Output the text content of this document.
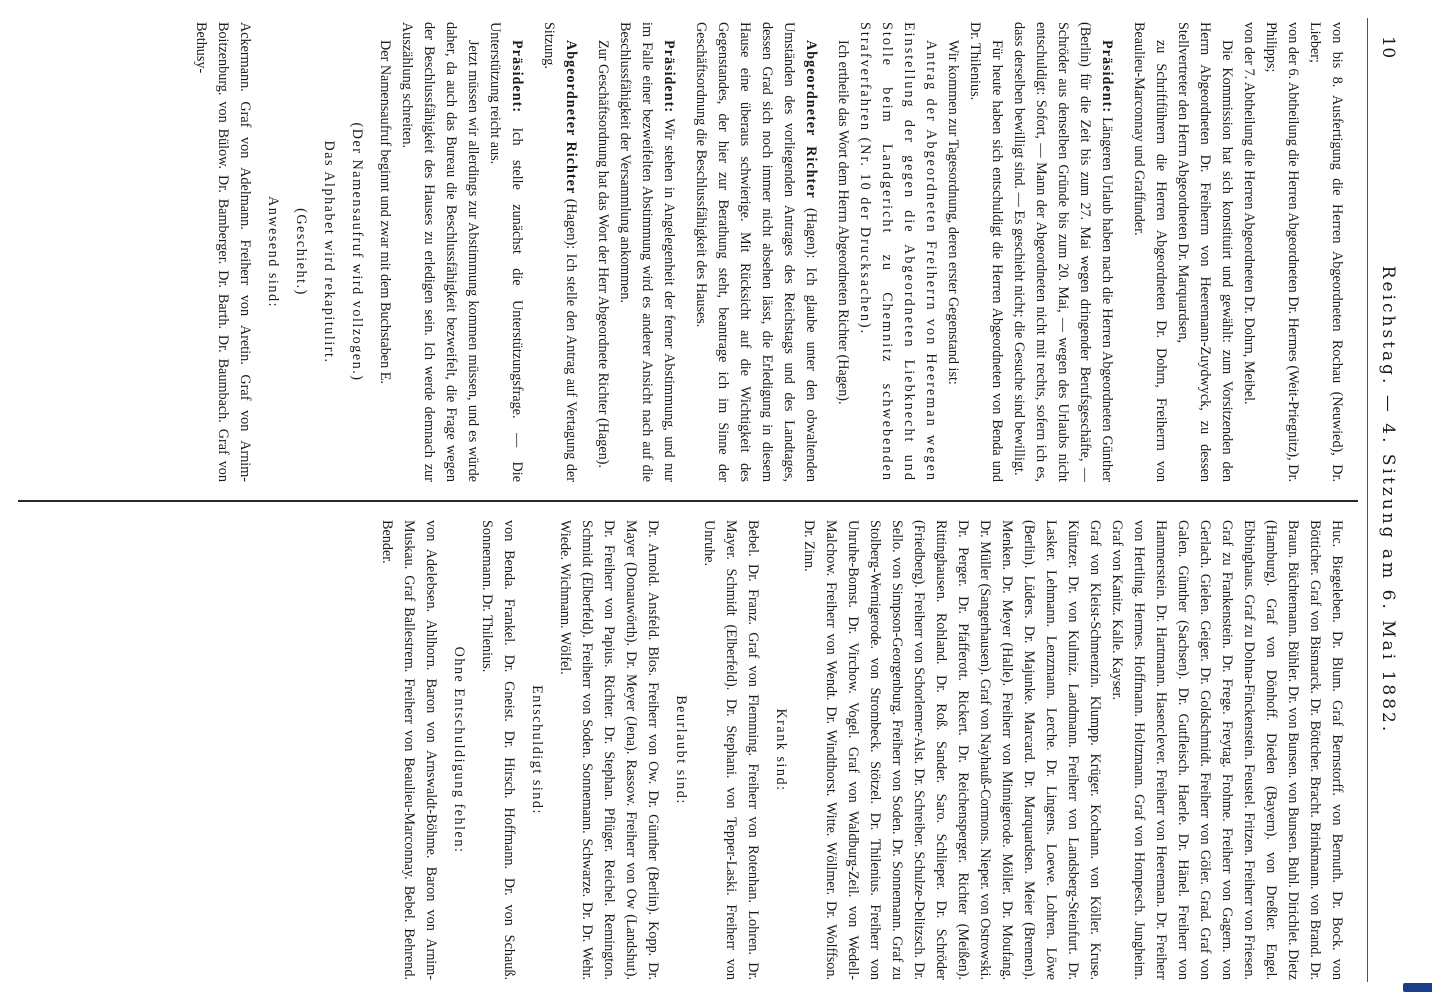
10
Reichstag. — 4. Sitzung am 6. Mai 1882.

von bis 8. Ausfertigung die Herren Abgeordneten Rochau (Neuwied), Dr. Lieber;

von der 6. Abtheilung die Herren Abgeordneten Dr. Hermes (Weit-Priegnitz), Dr. Philipps;

von der 7. Abtheilung die Herren Abgeordneten Dr. Dohrn, Meibel.

Die Kommission hat sich konstituirt und gewählt: zum Vorsitzenden den Herrn Abgeordneten Dr. Freiherrn von Heeremann-Zuydwyck, zu dessen Stellvertreter den Herrn Abgeordneten Dr. Marquardsen,

zu Schriftführern die Herren Abgeordneten Dr. Dohrn, Freiherrn von Beaulieu-Marconnay und Graffunder.

Präsident: Längeren Urlaub haben nach die Herren Abgeordneten Günther (Berlin) für die Zeit bis zum 27. Mai wegen dringender Berufsgeschäfte, — Schröder aus denselben Gründe bis zum 20. Mai, — wegen des Urlaubs nicht entschuldigt: Sofort, — Mann der Abgeordneten nicht mit rechts, sofern ich es, dass derselben bewilligt sind. — Es geschieht nicht; die Gesuche sind bewilligt.

Für heute haben sich entschuldigt die Herren Abgeordneten von Benda und Dr. Thilenius.

Wir kommen zur Tagesordnung, deren erster Gegenstand ist:

Antrag der Abgeordneten Freiherrn von Heereman wegen Einstellung der gegen die Abgeordneten Liebknecht und Stolle beim Landgericht zu Chemnitz schwebenden Strafverfahren (Nr. 10 der Drucksachen).

Ich ertheile das Wort dem Herrn Abgeordneten Richter (Hagen).

Abgeordneter Richter (Hagen): Ich glaube unter den obwaltenden Umständen des vorliegenden Antrages des Reichstags und des Landtages, dessen Grad sich noch immer nicht absehen lässt, die Erledigung in diesem Hause eine überaus schwierige. Mit Rücksicht auf die Wichtigkeit des Gegenstandes, der hier zur Berathung steht, beantrage ich im Sinne der Geschäftsordnung die Beschlussfähigkeit des Hauses.

Präsident: Wir stehen in Angelegenheit der ferner Abstimmung, und nur im Falle einer bezweifelten Abstimmung wird es anderer Ansicht nach auf die Beschlussfähigkeit der Versammlung ankommen.

Zur Geschäftsordnung hat das Wort der Herr Abgeordnete Richter (Hagen).

Abgeordneter Richter (Hagen): Ich stelle den Antrag auf Vertagung der Sitzung.

Präsident: Ich stelle zunächst die Unterstützungsfrage. — Die Unterstützung reicht aus.

Jetzt müssen wir allerdings zur Abstimmung kommen müssen, und es würde daher, da auch das Bureau die Beschlussfähigkeit bezweifelt, die Frage wegen der Beschlussfähigkeit des Hauses zu erledigen sein. Ich werde demnach zur Auszählung schreiten.

Der Namensaufruf beginnt und zwar mit dem Buchstaben E.

(Der Namensaufruf wird vollzogen.)

Das Alphabet wird rekapitulirt.

(Geschieht.)

Anwesend sind:

Ackermann. Graf von Adelmann. Freiherr von Aretin. Graf von Arnim-Boitzenburg. von Bülow. Dr. Bamberger. Dr. Barth. Dr. Baumbach. Graf von Bethusy-

Huc. Biegeleben. Dr. Blum. Graf Bernstorff. von Bernuth. Dr. Bock. von Bötticher. Graf von Bismarck. Dr. Böttcher. Bracht. Brinkmann. von Brand. Dr. Braun. Büchtemann. Bühler. Dr. von Bunsen. von Bunsen. Buhl. Dirichlet. Dietz (Hamburg). Graf von Dönhoff. Dieden (Bayern). von Dreßler. Engel. Ebbinghaus. Graf zu Dohna-Finckenstein. Feustel. Fritzen. Freiherr von Friesen. Graf zu Frankenstein. Dr. Frege. Freytag. Frohme. Freiherr von Gagern. von Gerlach. Gielen. Geiger. Dr. Goldschmidt. Freiherr von Göler. Grad. Graf von Galen. Günther (Sachsen). Dr. Gutfleisch. Haerle. Dr. Hänel. Freiherr von Hammerstein. Dr. Hartmann. Hasenclever. Freiherr von Heereman. Dr. Freiherr von Hertling. Hermes. Hoffmann. Holtzmann. Graf von Hompesch. Jungheim. Graf von Kanitz. Kalle. Kayser.

Graf von Kleist-Schmenzin. Klumpp. Krüger. Kochann. von Köller. Kruse. Küntzer. Dr. von Kulmiz. Landmann. Freiherr von Landsberg-Steinfurt. Dr. Lasker. Lehmann. Lenzmann. Lerche. Dr. Lingens. Loewe. Lohren. Löwe (Berlin). Lüders. Dr. Majunke. Marcard. Dr. Marquardsen. Meier (Bremen). Menken. Dr. Meyer (Halle). Freiherr von Minnigerode. Möller. Dr. Moufang. Dr. Müller (Sangerhausen). Graf von Nayhauß-Cormons. Nieper. von Ostrowski. Dr. Perger. Dr. Pfafferott. Rickert. Dr. Reichensperger. Richter (Meißen). Rittinghausen. Rohland. Dr. Roß. Sander. Saro. Schlieper. Dr. Schröder (Friedberg). Freiherr von Schorlemer-Alst. Dr. Schreiber. Schulze-Delitzsch. Dr. Sello. von Simpson-Georgenburg. Freiherr von Soden. Dr. Sonnemann. Graf zu Stolberg-Wernigerode. von Strombeck. Stötzel. Dr. Thilenius. Freiherr von Unruhe-Bomst. Dr. Virchow. Vogel. Graf von Waldburg-Zeil. von Wedell-Malchow. Freiherr von Wendt. Dr. Windthorst. Witte. Wöllmer. Dr. Wolffson. Dr. Zinn.

Krank sind:

Bebel. Dr. Franz. Graf von Flemming. Freiherr von Rotenhan. Lohren. Dr. Mayer. Schmidt (Elberfeld). Dr. Stephani. von Tepper-Laski. Freiherr von Unruhe.

Beurlaubt sind:

Dr. Arnold. Ansfeld. Blos. Freiherr von Ow. Dr. Günther (Berlin). Kopp. Dr. Mayer (Donauwörth). Dr. Meyer (Jena). Rassow. Freiherr von Ow (Landshut). Dr. Freiherr von Papius. Richter. Dr. Stephan. Pflüger. Reichel. Remington. Schmidt (Elberfeld). Freiherr von Soden. Sonnemann. Schwarze. Dr. Dr. Wehr. Wiede. Wichmann. Wölfel.

Entschuldigt sind:

von Benda. Frankel. Dr. Gneist. Dr. Hirsch. Hoffmann. Dr. von Schauß. Sonnemann. Dr. Thilenius.

Ohne Entschuldigung fehlen:

von Adelebsen. Ahlhorn. Baron von Arnswaldt-Böhme. Baron von Arnim-Muskau. Graf Ballestrem. Freiherr von Beaulieu-Marconnay. Bebel. Behrend. Bender.
